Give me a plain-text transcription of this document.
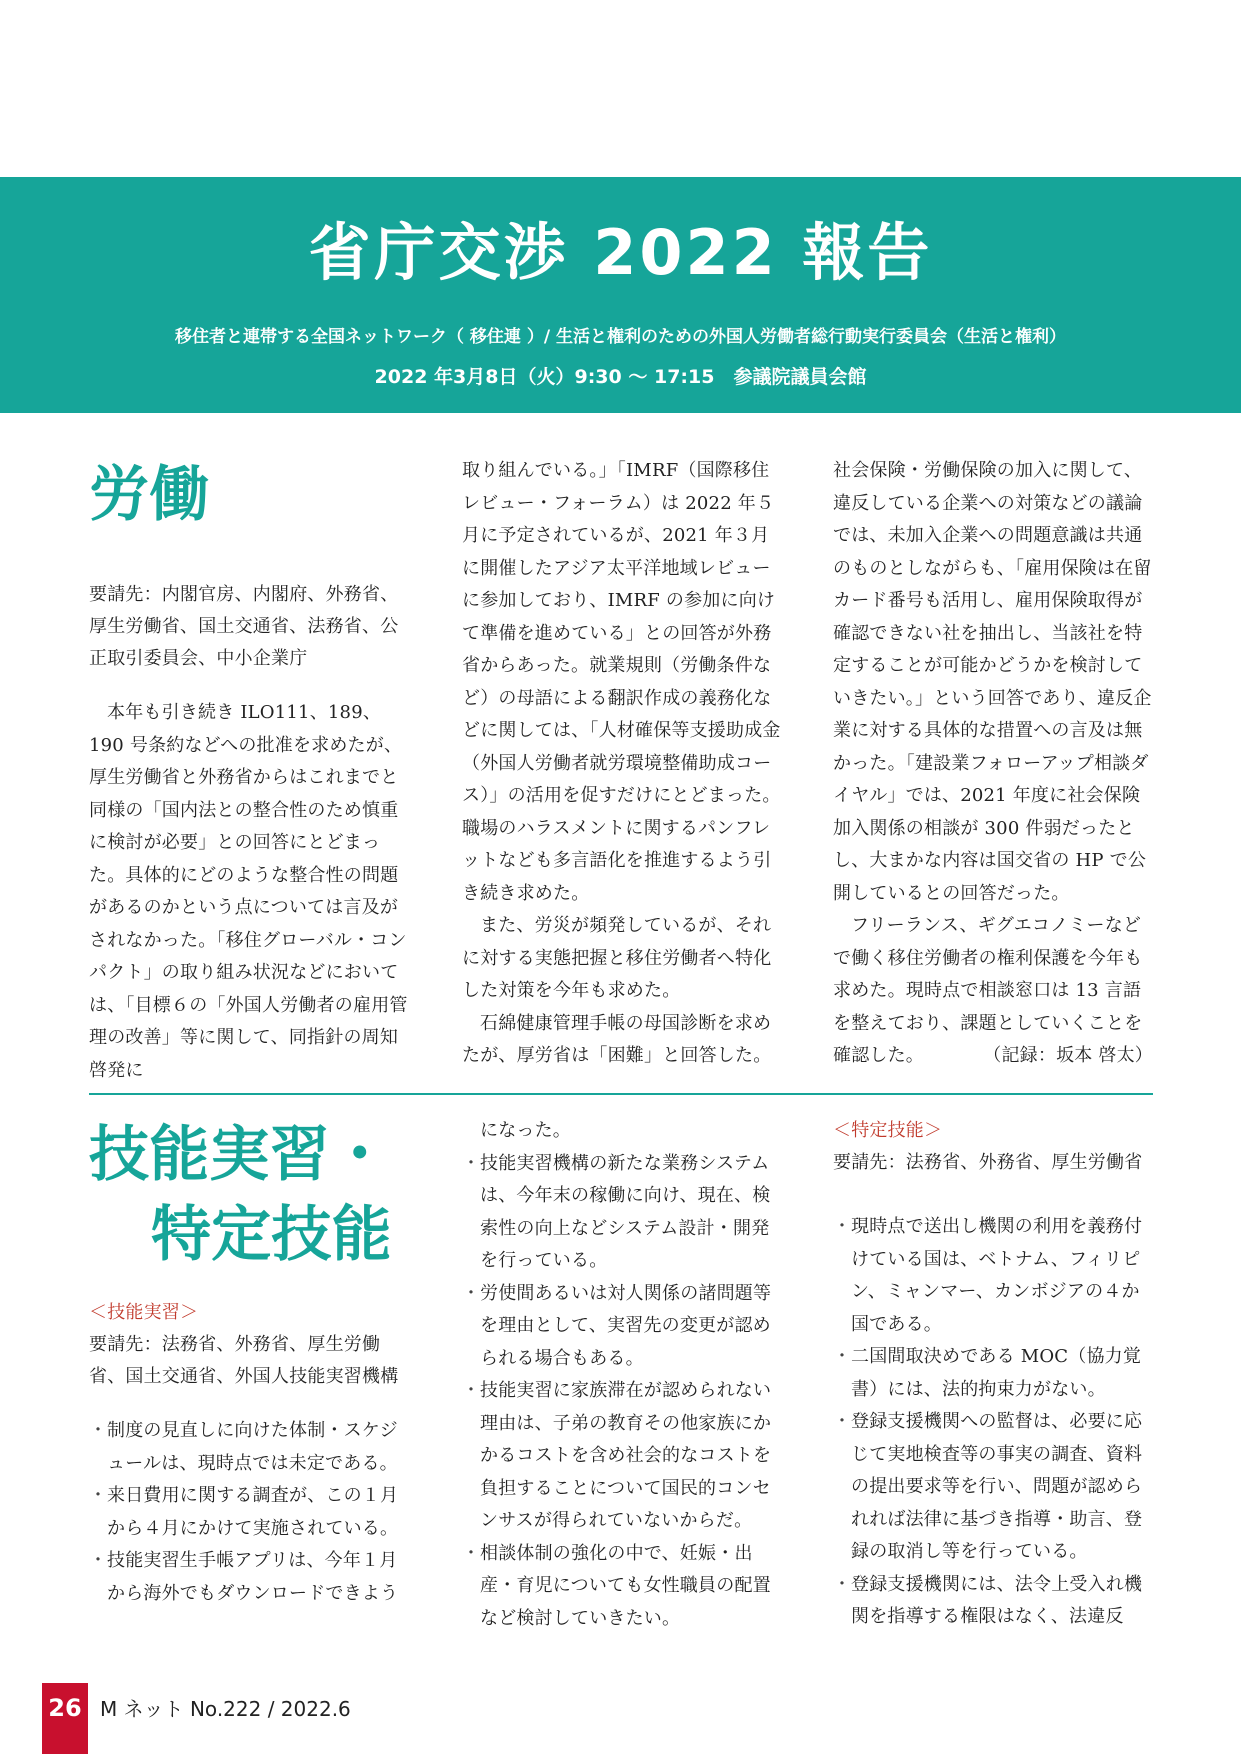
省庁交渉 2022 報告
移住者と連帯する全国ネットワーク（ 移住連 ）/ 生活と権利のための外国人労働者総行動実行委員会（生活と権利）
2022 年3月8日（火）9:30 ～ 17:15　参議院議員会館
労働

要請先：内閣官房、内閣府、外務省、厚生労働省、国土交通省、法務省、公正取引委員会、中小企業庁

本年も引き続き ILO111、189、190 号条約などへの批准を求めたが、厚生労働省と外務省からはこれまでと同様の「国内法との整合性のため慎重に検討が必要」との回答にとどまった。具体的にどのような整合性の問題があるのかという点については言及がされなかった。「移住グローバル・コンパクト」の取り組み状況などにおいては、「目標６の「外国人労働者の雇用管理の改善」等に関して、同指針の周知啓発に

取り組んでいる。」「IMRF（国際移住レビュー・フォーラム）は 2022 年５月に予定されているが、2021 年３月に開催したアジア太平洋地域レビューに参加しており、IMRF の参加に向けて準備を進めている」との回答が外務省からあった。就業規則（労働条件など）の母語による翻訳作成の義務化などに関しては、「人材確保等支援助成金（外国人労働者就労環境整備助成コース）」の活用を促すだけにとどまった。職場のハラスメントに関するパンフレットなども多言語化を推進するよう引き続き求めた。

また、労災が頻発しているが、それに対する実態把握と移住労働者へ特化した対策を今年も求めた。

石綿健康管理手帳の母国診断を求めたが、厚労省は「困難」と回答した。

社会保険・労働保険の加入に関して、違反している企業への対策などの議論では、未加入企業への問題意識は共通のものとしながらも、「雇用保険は在留カード番号も活用し、雇用保険取得が確認できない社を抽出し、当該社を特定することが可能かどうかを検討していきたい。」という回答であり、違反企業に対する具体的な措置への言及は無かった。「建設業フォローアップ相談ダイヤル」では、2021 年度に社会保険加入関係の相談が 300 件弱だったとし、大まかな内容は国交省の HP で公開しているとの回答だった。

フリーランス、ギグエコノミーなどで働く移住労働者の権利保護を今年も求めた。現時点で相談窓口は 13 言語を整えており、課題としていくことを確認した。	（記録：坂本 啓太）

技能実習・
特定技能
＜技能実習＞

要請先：法務省、外務省、厚生労働省、国土交通省、外国人技能実習機構

・制度の見直しに向けた体制・スケジュールは、現時点では未定である。
・来日費用に関する調査が、この１月から４月にかけて実施されている。
・技能実習生手帳アプリは、今年１月から海外でもダウンロードできよう

になった。

・技能実習機構の新たな業務システムは、今年末の稼働に向け、現在、検索性の向上などシステム設計・開発を行っている。
・労使間あるいは対人関係の諸問題等を理由として、実習先の変更が認められる場合もある。
・技能実習に家族滞在が認められない理由は、子弟の教育その他家族にかかるコストを含め社会的なコストを負担することについて国民的コンセンサスが得られていないからだ。
・相談体制の強化の中で、妊娠・出産・育児についても女性職員の配置など検討していきたい。
＜特定技能＞

要請先：法務省、外務省、厚生労働省

・現時点で送出し機関の利用を義務付けている国は、ベトナム、フィリピン、ミャンマー、カンボジアの４か国である。
・二国間取決めである MOC（協力覚書）には、法的拘束力がない。
・登録支援機関への監督は、必要に応じて実地検査等の事実の調査、資料の提出要求等を行い、問題が認められれば法律に基づき指導・助言、登録の取消し等を行っている。
・登録支援機関には、法令上受入れ機関を指導する権限はなく、法違反
26 M ネット No.222 / 2022.6
